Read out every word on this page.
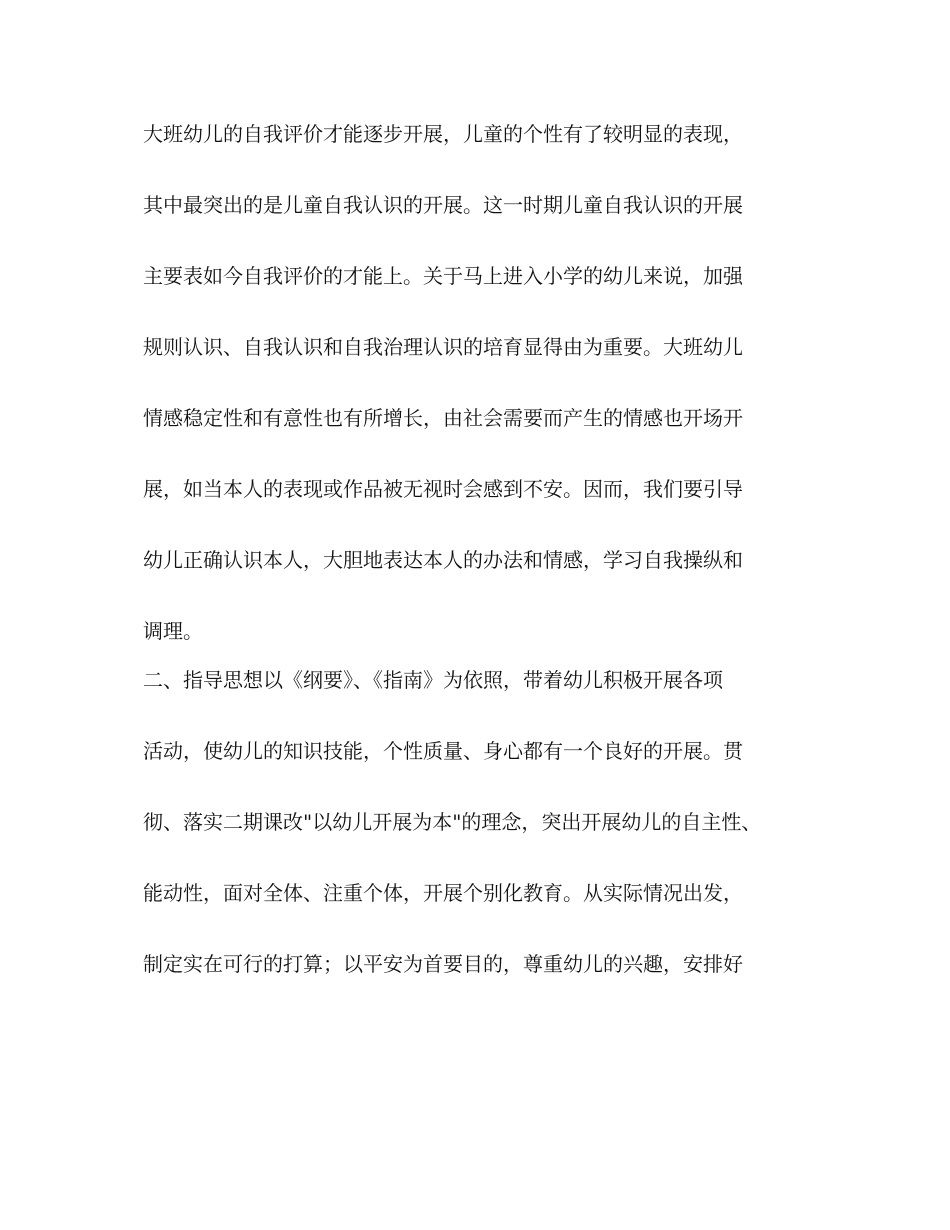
大班幼儿的自我评价才能逐步开展，儿童的个性有了较明显的表现，

其中最突出的是儿童自我认识的开展。这一时期儿童自我认识的开展

主要表如今自我评价的才能上。关于马上进入小学的幼儿来说，加强

规则认识、自我认识和自我治理认识的培育显得由为重要。大班幼儿

情感稳定性和有意性也有所增长，由社会需要而产生的情感也开场开

展，如当本人的表现或作品被无视时会感到不安。因而，我们要引导

幼儿正确认识本人，大胆地表达本人的办法和情感，学习自我操纵和

调理。

二、指导思想以《纲要》、《指南》为依照，带着幼儿积极开展各项

活动，使幼儿的知识技能，个性质量、身心都有一个良好的开展。贯

彻、落实二期课改"以幼儿开展为本"的理念，突出开展幼儿的自主性、

能动性，面对全体、注重个体，开展个别化教育。从实际情况出发，

制定实在可行的打算；以平安为首要目的，尊重幼儿的兴趣，安排好
